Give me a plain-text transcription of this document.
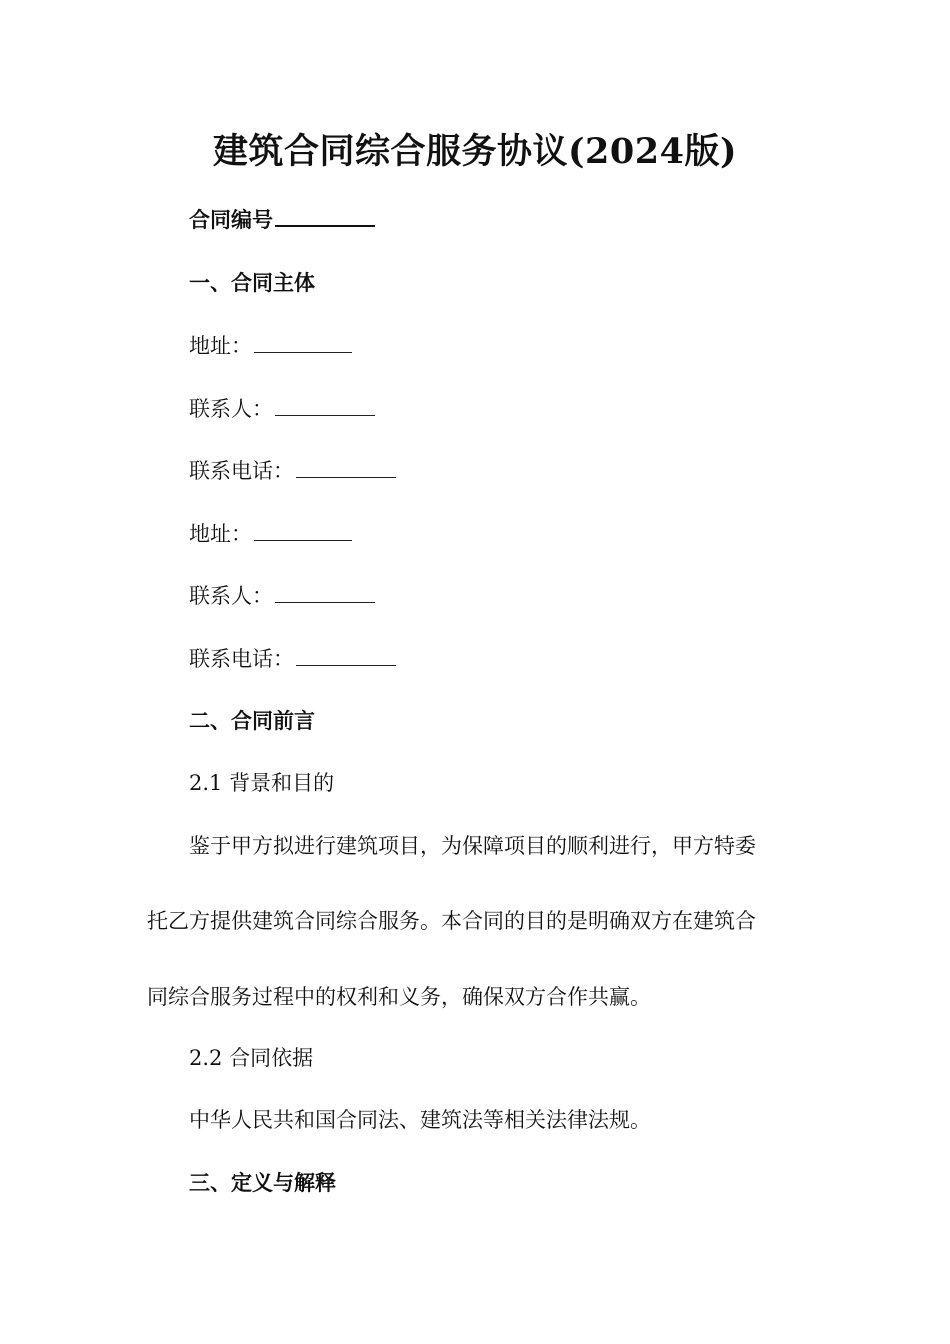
建筑合同综合服务协议(2024版)
合同编号
一、合同主体
地址：
联系人：
联系电话：
地址：
联系人：
联系电话：
二、合同前言
2.1 背景和目的
鉴于甲方拟进行建筑项目，为保障项目的顺利进行，甲方特委
托乙方提供建筑合同综合服务。本合同的目的是明确双方在建筑合
同综合服务过程中的权利和义务，确保双方合作共赢。
2.2 合同依据
中华人民共和国合同法、建筑法等相关法律法规。
三、定义与解释
